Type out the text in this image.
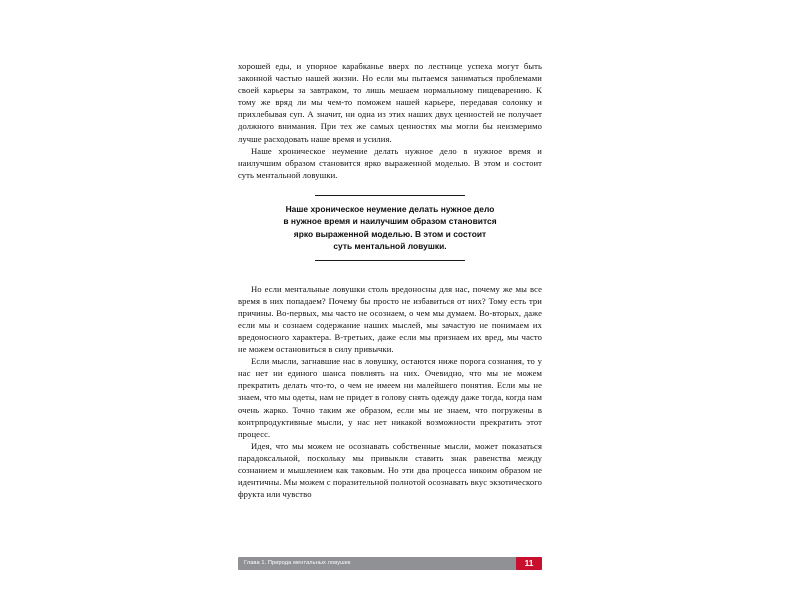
хорошей еды, и упорное карабканье вверх по лестнице успеха могут быть законной частью нашей жизни. Но если мы пытаемся заниматься проблемами своей карьеры за завтраком, то лишь мешаем нормальному пищеварению. К тому же вряд ли мы чем-то поможем нашей карьере, передавая солонку и прихлебывая суп. А значит, ни одна из этих наших двух ценностей не получает должного внимания. При тех же самых ценностях мы могли бы неизмеримо лучше расходовать наше время и усилия.

Наше хроническое неумение делать нужное дело в нужное время и наилучшим образом становится ярко выраженной моделью. В этом и состоит суть ментальной ловушки.

Наше хроническое неумение делать нужное дело
в нужное время и наилучшим образом становится
ярко выраженной моделью. В этом и состоит
суть ментальной ловушки.

Но если ментальные ловушки столь вредоносны для нас, почему же мы все время в них попадаем? Почему бы просто не избавиться от них? Тому есть три причины. Во-первых, мы часто не осознаем, о чем мы думаем. Во-вторых, даже если мы и сознаем содержание наших мыслей, мы зачастую не понимаем их вредоносного характера. В-третьих, даже если мы признаем их вред, мы часто не можем остановиться в силу привычки.

Если мысли, загнавшие нас в ловушку, остаются ниже порога сознания, то у нас нет ни единого шанса повлиять на них. Очевидно, что мы не можем прекратить делать что-то, о чем не имеем ни малейшего понятия. Если мы не знаем, что мы одеты, нам не придет в голову снять одежду даже тогда, когда нам очень жарко. Точно таким же образом, если мы не знаем, что погружены в контрпродуктивные мысли, у нас нет никакой возможности прекратить этот процесс.

Идея, что мы можем не осознавать собственные мысли, может показаться парадоксальной, поскольку мы привыкли ставить знак равенства между сознанием и мышлением как таковым. Но эти два процесса никоим образом не идентичны. Мы можем с поразительной полнотой осознавать вкус экзотического фрукта или чувство

Глава 1. Природа ментальных ловушек	11
